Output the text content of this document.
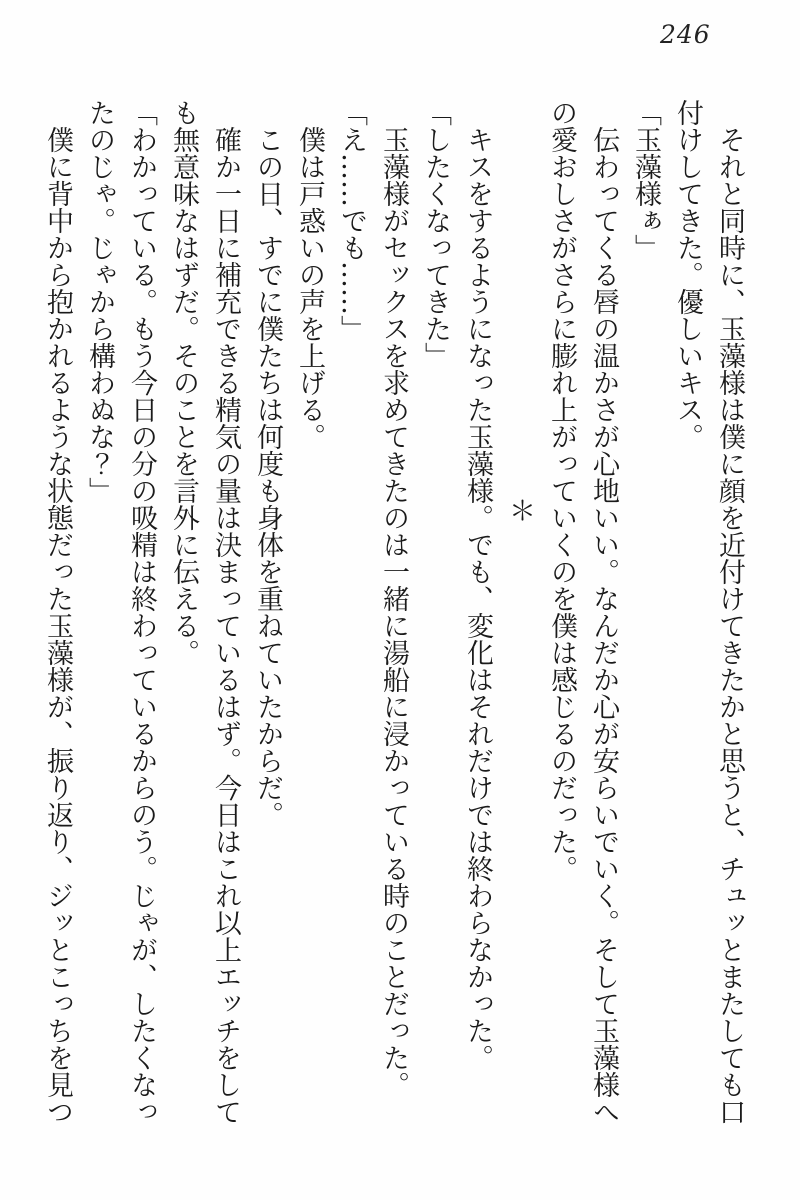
246

　それと同時に、玉藻様は僕に顔を近付けてきたかと思うと、チュッとまたしても口

付けしてきた。優しいキス。

「玉藻様ぁ」

　伝わってくる唇の温かさが心地いい。なんだか心が安らいでいく。そして玉藻様へ

の愛おしさがさらに膨れ上がっていくのを僕は感じるのだった。

＊

　キスをするようになった玉藻様。でも、変化はそれだけでは終わらなかった。

「したくなってきた」

　玉藻様がセックスを求めてきたのは一緒に湯船に浸かっている時のことだった。

「え……でも……」

　僕は戸惑いの声を上げる。

　この日、すでに僕たちは何度も身体を重ねていたからだ。

　確か一日に補充できる精気の量は決まっているはず。今日はこれ以上エッチをして

も無意味なはずだ。そのことを言外に伝える。

「わかっている。もう今日の分の吸精は終わっているからのう。じゃが、したくなっ

たのじゃ。じゃから構わぬな？」

　僕に背中から抱かれるような状態だった玉藻様が、振り返り、ジッとこっちを見つ
